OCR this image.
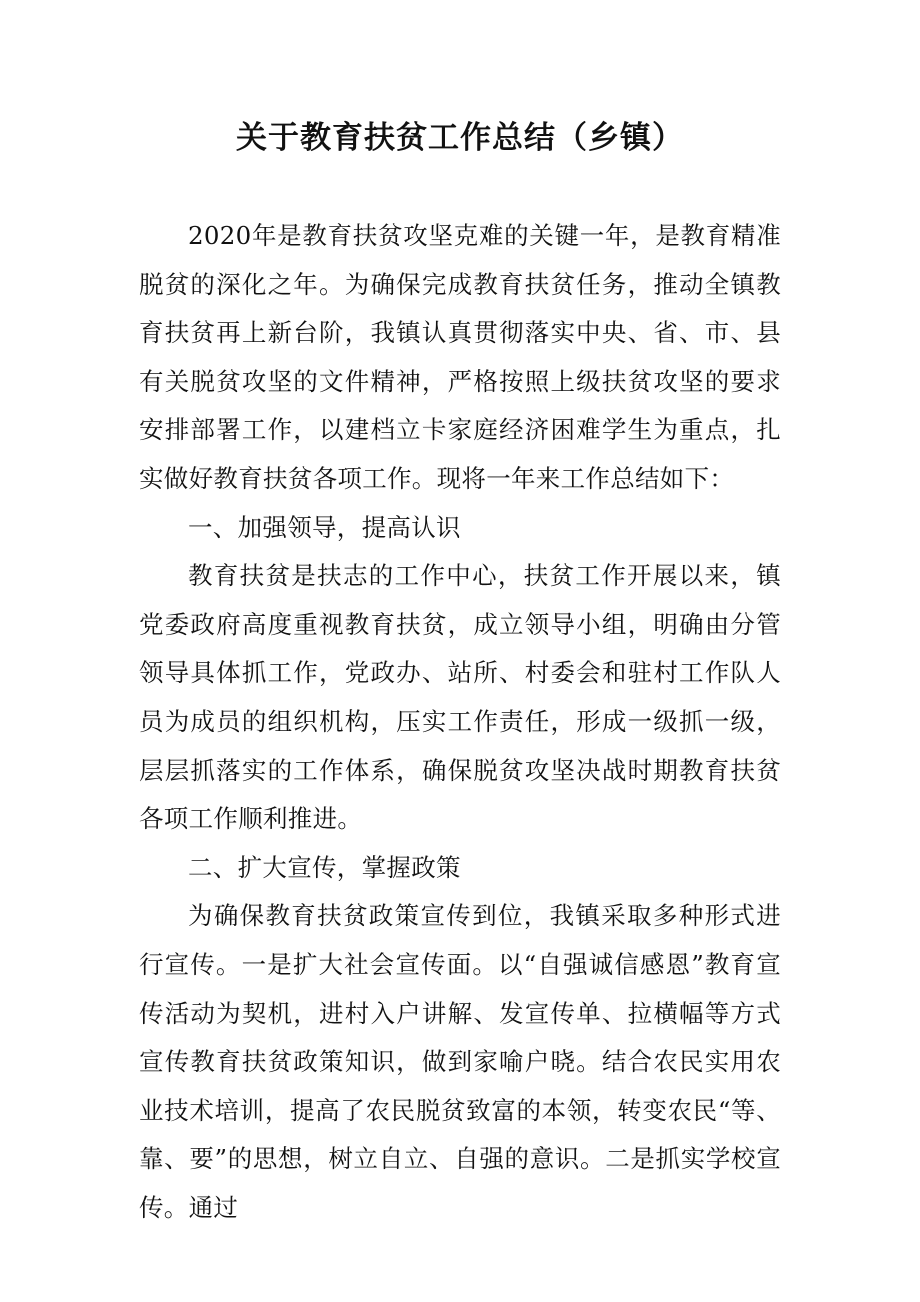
关于教育扶贫工作总结（乡镇）

2020年是教育扶贫攻坚克难的关键一年，是教育精准脱贫的深化之年。为确保完成教育扶贫任务，推动全镇教育扶贫再上新台阶，我镇认真贯彻落实中央、省、市、县有关脱贫攻坚的文件精神，严格按照上级扶贫攻坚的要求安排部署工作，以建档立卡家庭经济困难学生为重点，扎实做好教育扶贫各项工作。现将一年来工作总结如下：

一、加强领导，提高认识

教育扶贫是扶志的工作中心，扶贫工作开展以来，镇党委政府高度重视教育扶贫，成立领导小组，明确由分管领导具体抓工作，党政办、站所、村委会和驻村工作队人员为成员的组织机构，压实工作责任，形成一级抓一级，层层抓落实的工作体系，确保脱贫攻坚决战时期教育扶贫各项工作顺利推进。

二、扩大宣传，掌握政策

为确保教育扶贫政策宣传到位，我镇采取多种形式进行宣传。一是扩大社会宣传面。以“自强诚信感恩”教育宣传活动为契机，进村入户讲解、发宣传单、拉横幅等方式宣传教育扶贫政策知识，做到家喻户晓。结合农民实用农业技术培训，提高了农民脱贫致富的本领，转变农民“等、靠、要”的思想，树立自立、自强的意识。二是抓实学校宣传。通过
